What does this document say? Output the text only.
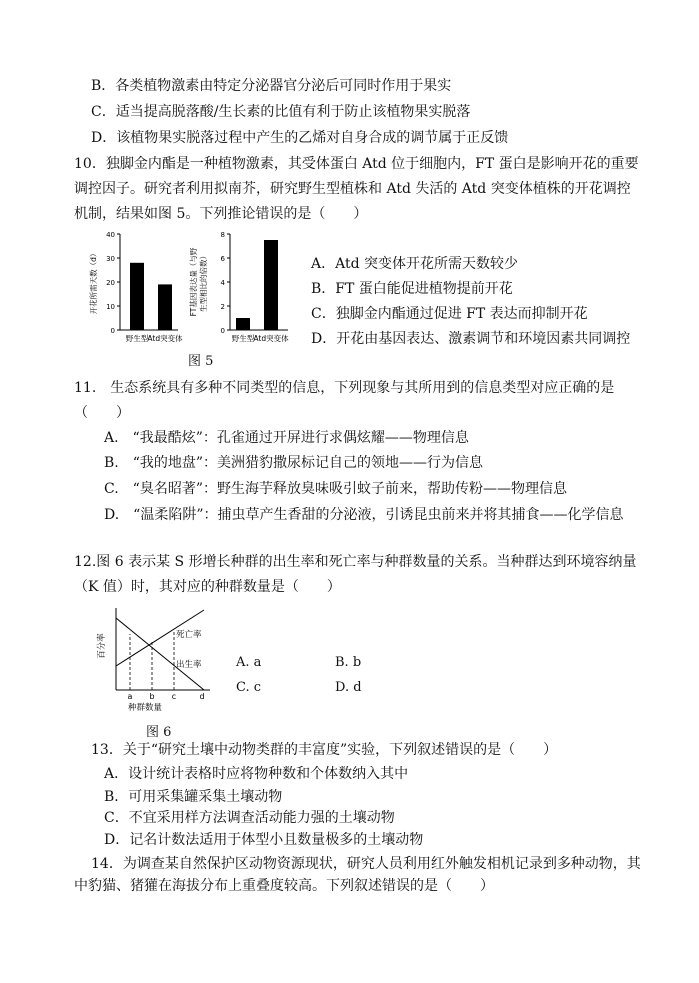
B．各类植物激素由特定分泌器官分泌后可同时作用于果实
C．适当提高脱落酸/生长素的比值有利于防止该植物果实脱落
D．该植物果实脱落过程中产生的乙烯对自身合成的调节属于正反馈
10．独脚金内酯是一种植物激素，其受体蛋白 Atd 位于细胞内，FT 蛋白是影响开花的重要
调控因子。研究者利用拟南芥，研究野生型植株和 Atd 失活的 Atd 突变体植株的开花调控
机制，结果如图 5。下列推论错误的是（　　）
0
10
20
30
40
野生型 Atd突变体
开花所需天数（d）
0
2
4
6
8
野生型 Atd突变体
FT基因表达量（与野 生型相比的倍数）
图 5
A．Atd 突变体开花所需天数较少
B．FT 蛋白能促进植物提前开花
C．独脚金内酯通过促进 FT 表达而抑制开花
D．开花由基因表达、激素调节和环境因素共同调控
11.　生态系统具有多种不同类型的信息，下列现象与其所用到的信息类型对应正确的是
（　　）
A.　“我最酷炫”：孔雀通过开屏进行求偶炫耀——物理信息
B.　“我的地盘”：美洲猎豹撒尿标记自己的领地——行为信息
C.　“臭名昭著”：野生海芋释放臭味吸引蚊子前来，帮助传粉——物理信息
D.　“温柔陷阱”：捕虫草产生香甜的分泌液，引诱昆虫前来并将其捕食——化学信息
12.图 6 表示某 S 形增长种群的出生率和死亡率与种群数量的关系。当种群达到环境容纳量
（K 值）时，其对应的种群数量是（　　）
a b c	d
种群数量
百分率	死亡率
出生率
图 6
A. a	B. b
C. c	D. d
13．关于“研究土壤中动物类群的丰富度”实验，下列叙述错误的是（　　）
A．设计统计表格时应将物种数和个体数纳入其中
B．可用采集罐采集土壤动物
C．不宜采用样方法调查活动能力强的土壤动物
D．记名计数法适用于体型小且数量极多的土壤动物
14．为调查某自然保护区动物资源现状，研究人员利用红外触发相机记录到多种动物，其
中豹猫、猪獾在海拔分布上重叠度较高。下列叙述错误的是（　　）
